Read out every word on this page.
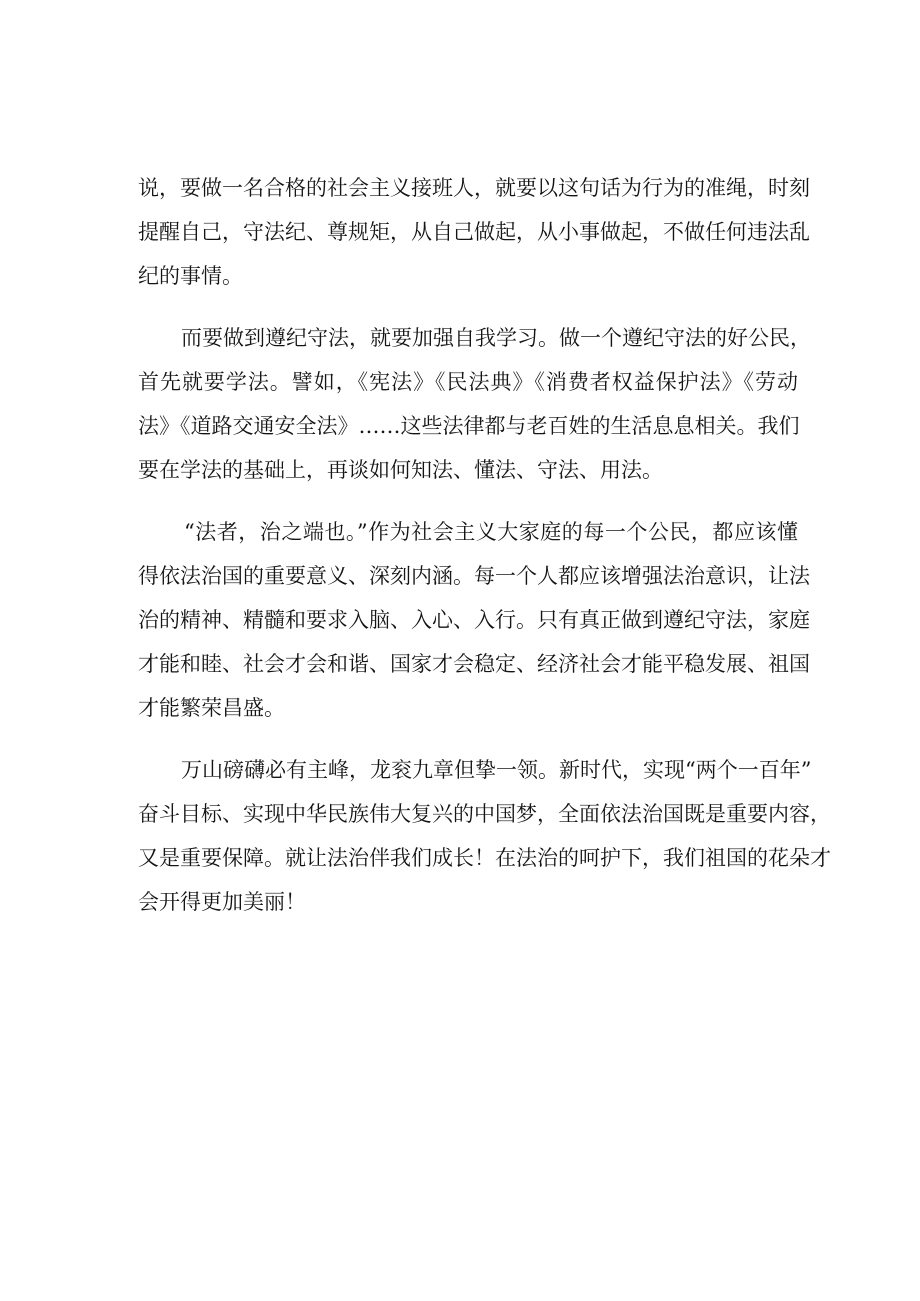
说，要做一名合格的社会主义接班人，就要以这句话为行为的准绳，时刻
提醒自己，守法纪、尊规矩，从自己做起，从小事做起，不做任何违法乱
纪的事情。
而要做到遵纪守法，就要加强自我学习。做一个遵纪守法的好公民，
首先就要学法。譬如，《宪法》《民法典》《消费者权益保护法》《劳动
法》《道路交通安全法》……这些法律都与老百姓的生活息息相关。我们
要在学法的基础上，再谈如何知法、懂法、守法、用法。
“法者，治之端也。”作为社会主义大家庭的每一个公民，都应该懂
得依法治国的重要意义、深刻内涵。每一个人都应该增强法治意识，让法
治的精神、精髓和要求入脑、入心、入行。只有真正做到遵纪守法，家庭
才能和睦、社会才会和谐、国家才会稳定、经济社会才能平稳发展、祖国
才能繁荣昌盛。
万山磅礴必有主峰，龙衮九章但挚一领。新时代，实现“两个一百年”
奋斗目标、实现中华民族伟大复兴的中国梦，全面依法治国既是重要内容，
又是重要保障。就让法治伴我们成长！在法治的呵护下，我们祖国的花朵才
会开得更加美丽！
